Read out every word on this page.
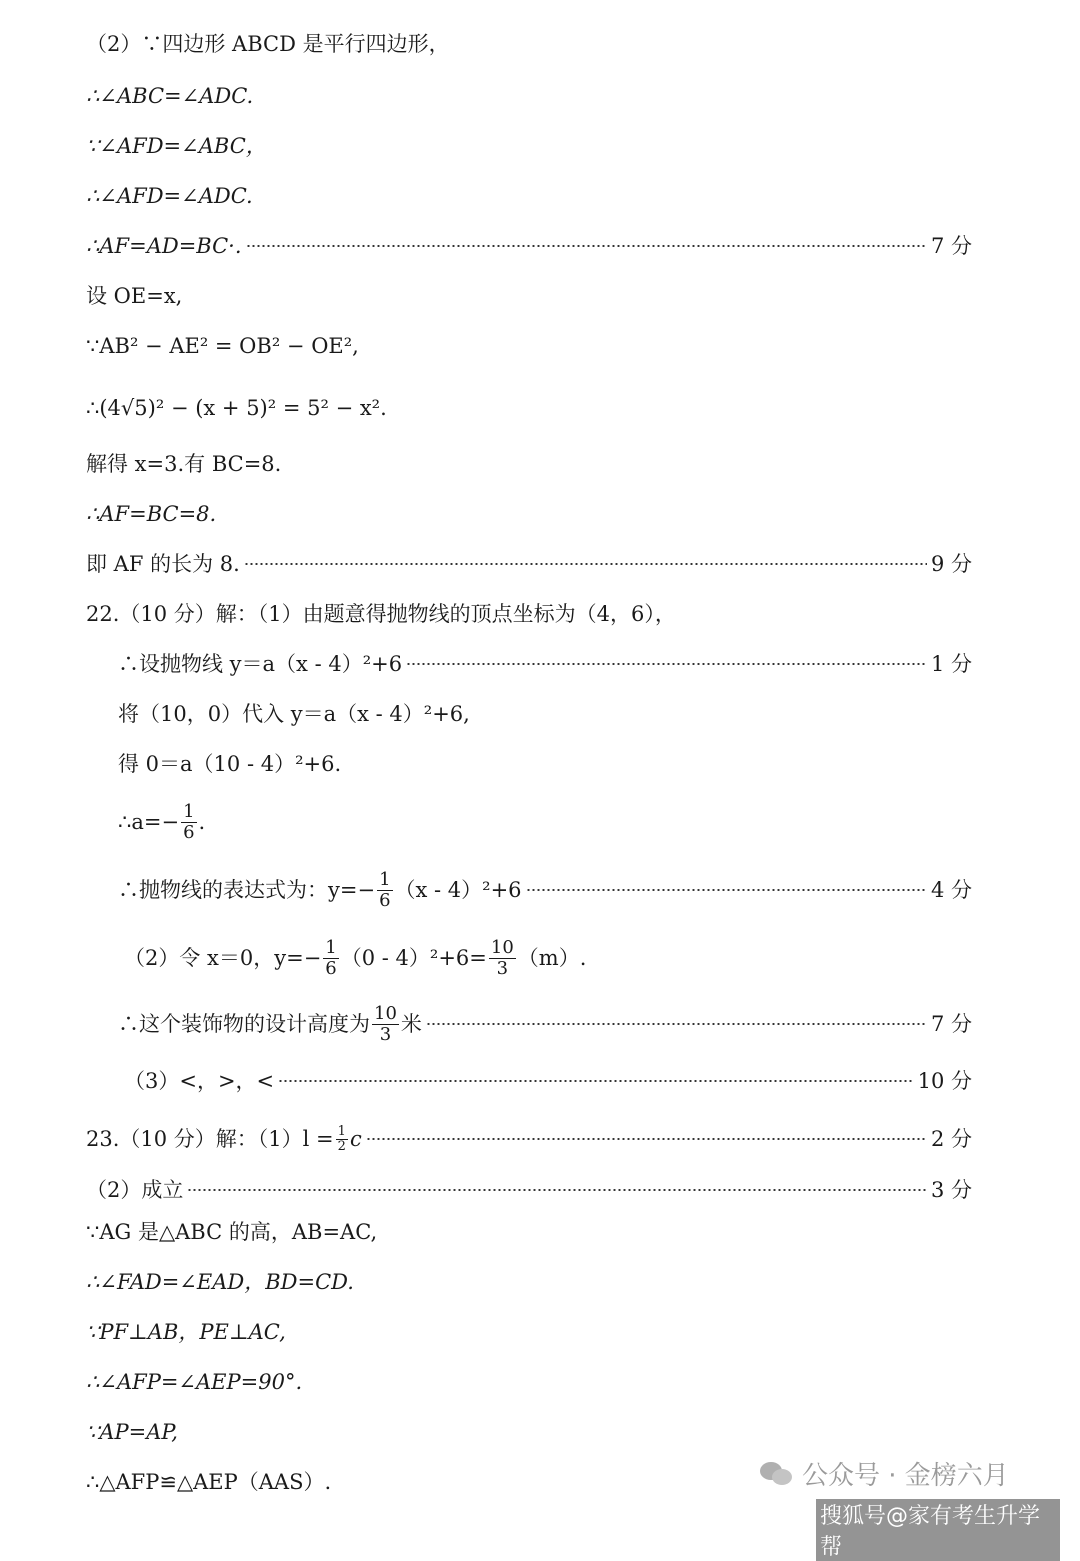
（2）∵四边形 ABCD 是平行四边形，
∴∠ABC=∠ADC.
∵∠AFD=∠ABC，
∴∠AFD=∠ADC.
∴AF=AD=BC·.	7 分
设 OE=x,
∵AB² − AE² = OB² − OE²,
∴(4√5)² − (x + 5)² = 5² − x².
解得 x=3.有 BC=8.
∴AF=BC=8.
即 AF 的长为 8.	9 分
22.（10 分）解：（1）由题意得抛物线的顶点坐标为（4，6），
∴设抛物线 y＝a（x - 4）²+6	1 分
将（10，0）代入 y＝a（x - 4）²+6,
得 0＝a（10 - 4）²+6.
∴a=− $\frac{1}{6}$ .
∴抛物线的表达式为：$y=- \frac{1}{6} (x - 4)^2+6$	4 分
（2）令 x＝0，$y=- \frac{1}{6} (0 - 4)^2+6= \frac{10}{3} (m)$.
∴这个装饰物的设计高度为 $\frac{10}{3}$ 米	7 分
（3）<，>，<	10 分
23.（10 分）解：$(1)l = \frac{1}{2}$ c	2 分
（2）成立	3 分
∵AG 是△ABC 的高，AB=AC,
∴∠FAD=∠EAD，BD=CD.
∵PF⊥AB，PE⊥AC,
∴∠AFP=∠AEP=90°.
∵AP=AP,
∴△AFP≌△AEP（AAS）.	公众号 · 金榜六月
搜狐号@家有考生升学帮
